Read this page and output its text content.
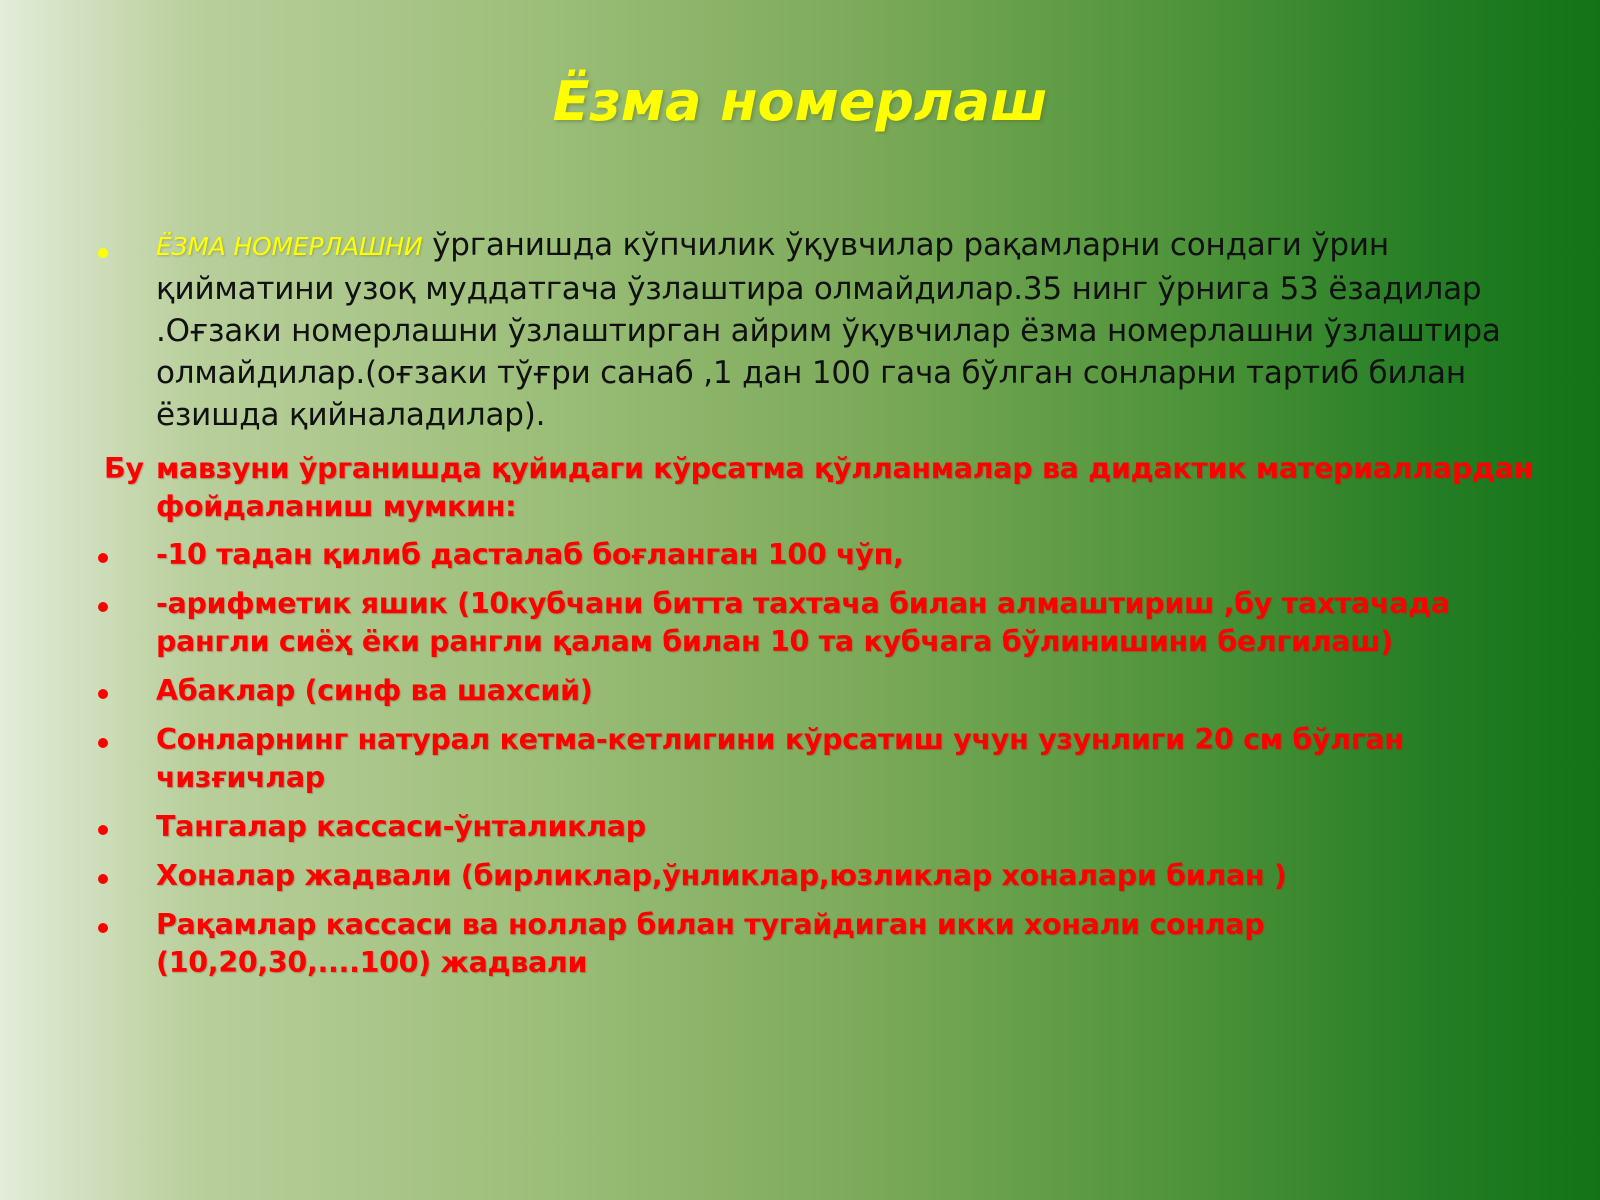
Ёзма номерлаш
ЁЗМА НОМЕРЛАШНИ ўрганишда кўпчилик ўқувчилар рақамларни сондаги ўрин қийматини узоқ муддатгача ўзлаштира олмайдилар.35 нинг ўрнига 53 ёзадилар .Оғзаки номерлашни ўзлаштирган айрим ўқувчилар ёзма номерлашни ўзлаштира олмайдилар.(оғзаки тўғри санаб ,1 дан 100 гача бўлган сонларни тартиб билан ёзишда қийналадилар).
Бу мавзуни ўрганишда қуйидаги кўрсатма қўлланмалар ва дидактик материаллардан фойдаланиш мумкин:
-10 тадан қилиб дасталаб боғланган 100 чўп,
-арифметик яшик (10кубчани битта тахтача билан алмаштириш ,бу тахтачада рангли сиёҳ ёки рангли қалам билан 10 та кубчага бўлинишини белгилаш)
Абаклар (синф ва шахсий)
Сонларнинг натурал кетма-кетлигини кўрсатиш учун узунлиги 20 см бўлган чизғичлар
Тангалар кассаси-ўнталиклар
Хоналар жадвали (бирликлар,ўнликлар,юзликлар хоналари билан )
Рақамлар кассаси ва ноллар билан тугайдиган икки хонали сонлар (10,20,30,....100) жадвали
